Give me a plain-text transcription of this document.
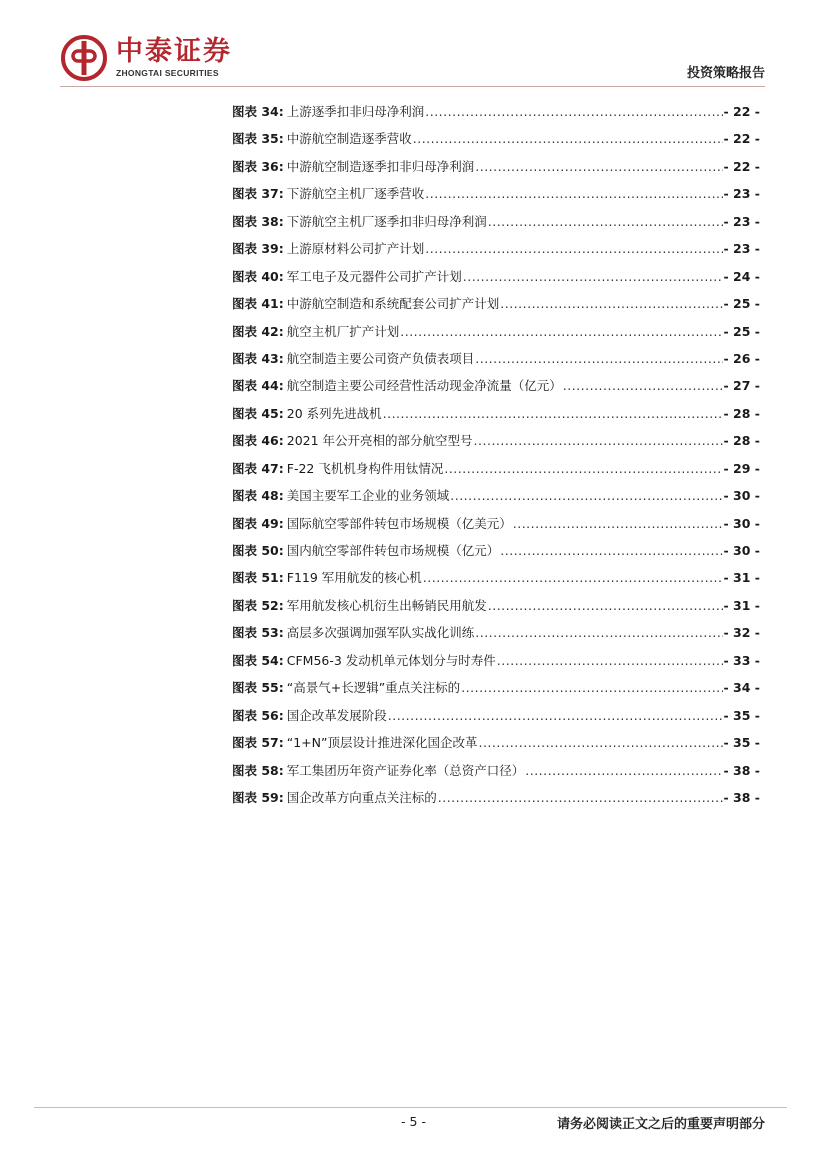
中泰证券
ZHONGTAI SECURITIES	投资策略报告
图表 34: 上游逐季扣非归母净利润 .....	- 22 -
图表 35: 中游航空制造逐季营收 .....	- 22 -
图表 36: 中游航空制造逐季扣非归母净利润 .....	- 22 -
图表 37: 下游航空主机厂逐季营收 .....	- 23 -
图表 38: 下游航空主机厂逐季扣非归母净利润 .....	- 23 -
图表 39: 上游原材料公司扩产计划 .....	- 23 -
图表 40: 军工电子及元器件公司扩产计划 .....	- 24 -
图表 41: 中游航空制造和系统配套公司扩产计划 .....	- 25 -
图表 42: 航空主机厂扩产计划 .....	- 25 -
图表 43: 航空制造主要公司资产负债表项目 .....	- 26 -
图表 44: 航空制造主要公司经营性活动现金净流量（亿元） .....	- 27 -
图表 45: 20 系列先进战机 .....	- 28 -
图表 46: 2021 年公开亮相的部分航空型号 .....	- 28 -
图表 47: F-22 飞机机身构件用钛情况 .....	- 29 -
图表 48: 美国主要军工企业的业务领域 .....	- 30 -
图表 49: 国际航空零部件转包市场规模（亿美元） .....	- 30 -
图表 50: 国内航空零部件转包市场规模（亿元） .....	- 30 -
图表 51: F119 军用航发的核心机 .....	- 31 -
图表 52: 军用航发核心机衍生出畅销民用航发 .....	- 31 -
图表 53: 高层多次强调加强军队实战化训练 .....	- 32 -
图表 54: CFM56-3 发动机单元体划分与时寿件 .....	- 33 -
图表 55: “高景气+长逻辑”重点关注标的 .....	- 34 -
图表 56: 国企改革发展阶段 .....	- 35 -
图表 57: “1+N”顶层设计推进深化国企改革 .....	- 35 -
图表 58: 军工集团历年资产证券化率（总资产口径） .....	- 38 -
图表 59: 国企改革方向重点关注标的 .....	- 38 -
- 5 -	请务必阅读正文之后的重要声明部分
